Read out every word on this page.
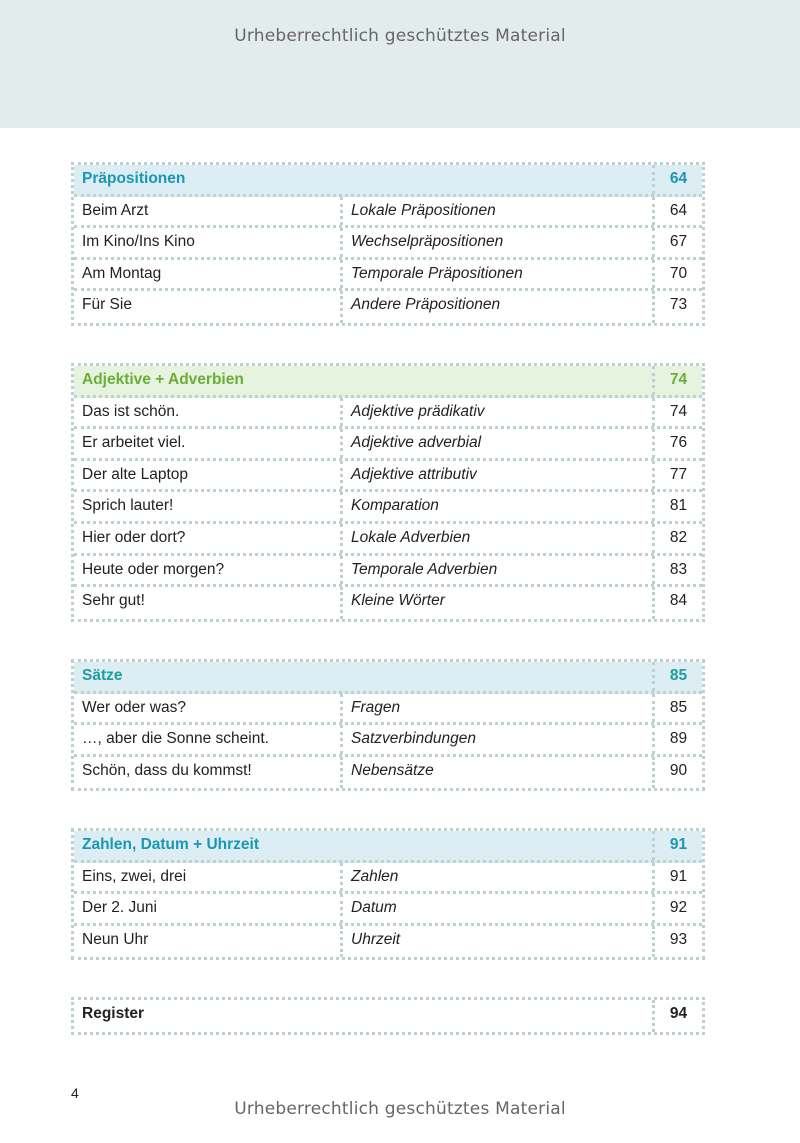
Urheberrechtlich geschütztes Material
Präpositionen	64
Beim Arzt	Lokale Präpositionen	64
Im Kino/Ins Kino	Wechselpräpositionen	67
Am Montag	Temporale Präpositionen	70
Für Sie	Andere Präpositionen	73
Adjektive + Adverbien	74
Das ist schön.	Adjektive prädikativ	74
Er arbeitet viel.	Adjektive adverbial	76
Der alte Laptop	Adjektive attributiv	77
Sprich lauter!	Komparation	81
Hier oder dort?	Lokale Adverbien	82
Heute oder morgen?	Temporale Adverbien	83
Sehr gut!	Kleine Wörter	84
Sätze	85
Wer oder was?	Fragen	85
…, aber die Sonne scheint.	Satzverbindungen	89
Schön, dass du kommst!	Nebensätze	90
Zahlen, Datum + Uhrzeit	91
Eins, zwei, drei	Zahlen	91
Der 2. Juni	Datum	92
Neun Uhr	Uhrzeit	93
Register	94
4
Urheberrechtlich geschütztes Material
